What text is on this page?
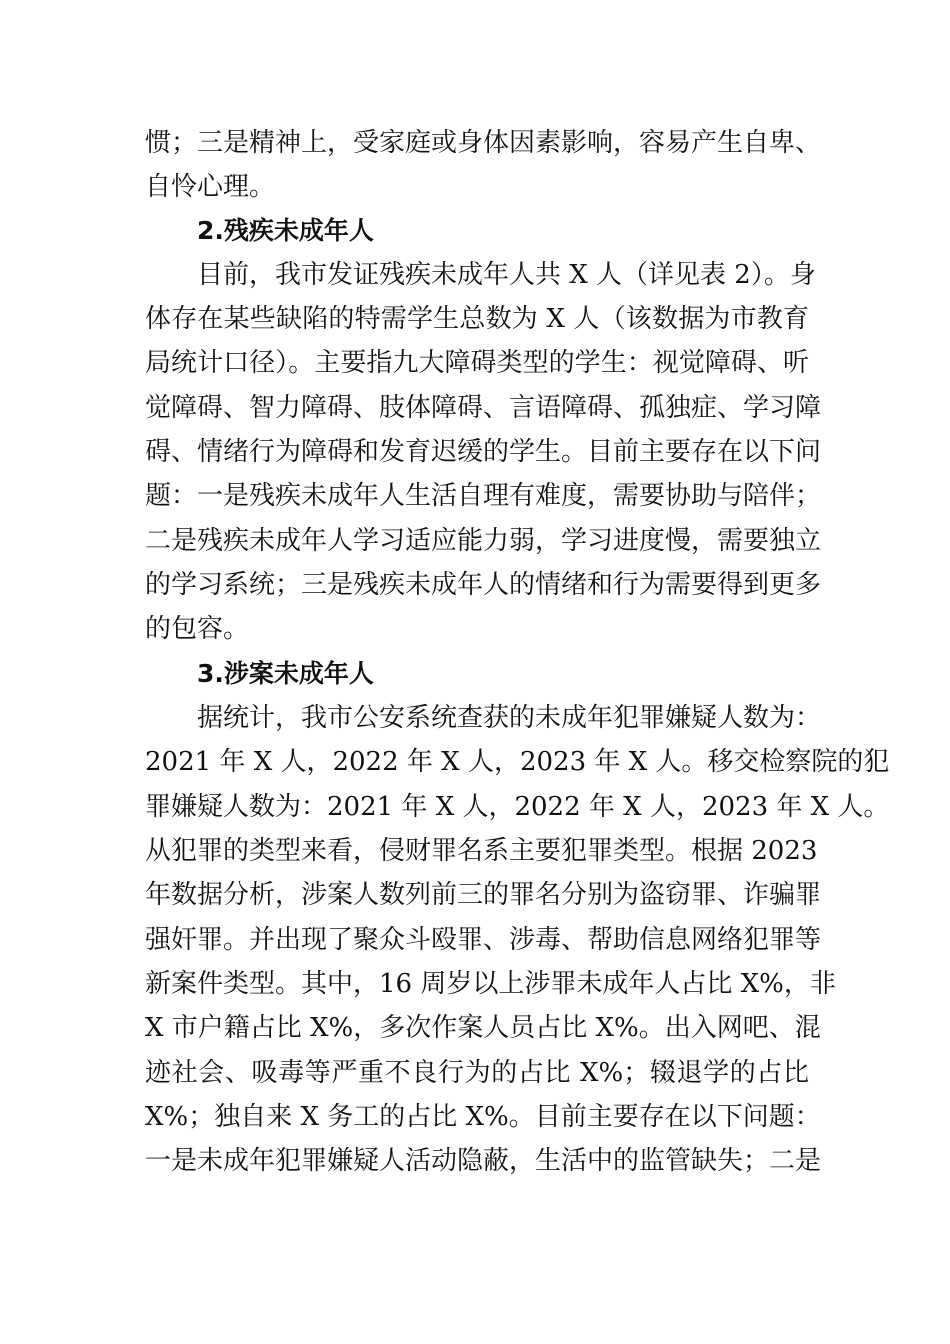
惯；三是精神上，受家庭或身体因素影响，容易产生自卑、
自怜心理。
2.残疾未成年人
目前，我市发证残疾未成年人共 X 人（详见表 2）。身
体存在某些缺陷的特需学生总数为 X 人（该数据为市教育
局统计口径）。主要指九大障碍类型的学生：视觉障碍、听
觉障碍、智力障碍、肢体障碍、言语障碍、孤独症、学习障
碍、情绪行为障碍和发育迟缓的学生。目前主要存在以下问
题：一是残疾未成年人生活自理有难度，需要协助与陪伴；
二是残疾未成年人学习适应能力弱，学习进度慢，需要独立
的学习系统；三是残疾未成年人的情绪和行为需要得到更多
的包容。
3.涉案未成年人
据统计，我市公安系统查获的未成年犯罪嫌疑人数为：
2021 年 X 人，2022 年 X 人，2023 年 X 人。移交检察院的犯
罪嫌疑人数为：2021 年 X 人，2022 年 X 人，2023 年 X 人。
从犯罪的类型来看，侵财罪名系主要犯罪类型。根据 2023
年数据分析，涉案人数列前三的罪名分别为盗窃罪、诈骗罪
强奸罪。并出现了聚众斗殴罪、涉毒、帮助信息网络犯罪等
新案件类型。其中，16 周岁以上涉罪未成年人占比 X%，非
X 市户籍占比 X%，多次作案人员占比 X%。出入网吧、混
迹社会、吸毒等严重不良行为的占比 X%；辍退学的占比
X%；独自来 X 务工的占比 X%。目前主要存在以下问题：
一是未成年犯罪嫌疑人活动隐蔽，生活中的监管缺失；二是
